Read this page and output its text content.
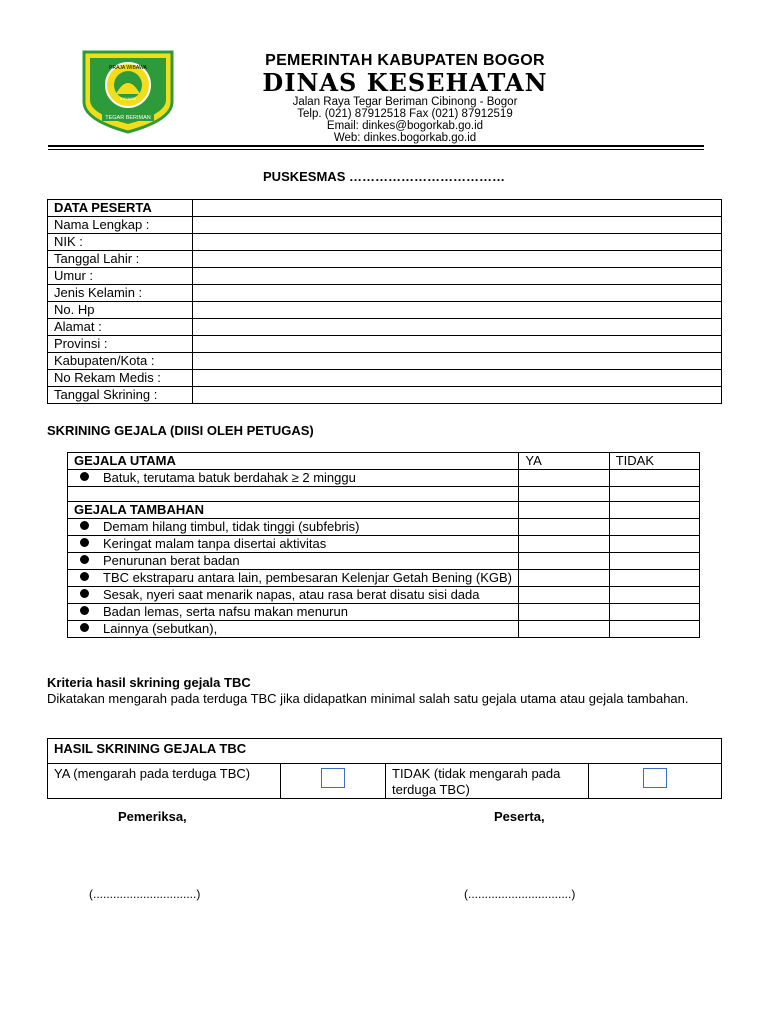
PRAJA WIBAWA
KAYAGA
TEGAR BERIMAN
PEMERINTAH KABUPATEN BOGOR
DINAS KESEHATAN
Jalan Raya Tegar Beriman Cibinong - Bogor
Telp. (021) 87912518 Fax (021) 87912519
Email: dinkes@bogorkab.go.id
Web: dinkes.bogorkab.go.id
PUSKESMAS ………………………………
DATA PESERTA	
Nama Lengkap :	
NIK :	
Tanggal Lahir :	
Umur :	
Jenis Kelamin :	
No. Hp	
Alamat :	
Provinsi :	
Kabupaten/Kota :	
No Rekam Medis :	
Tanggal Skrining :	
SKRINING GEJALA (DIISI OLEH PETUGAS)
GEJALA UTAMA	YA	TIDAK

Batuk, terutama batuk berdahak ≥ 2 minggu		

GEJALA TAMBAHAN		

Demam hilang timbul, tidak tinggi (subfebris)		

Keringat malam tanpa disertai aktivitas		

Penurunan berat badan		

TBC ekstraparu antara lain, pembesaran Kelenjar Getah Bening (KGB)		

Sesak, nyeri saat menarik napas, atau rasa berat disatu sisi dada		

Badan lemas, serta nafsu makan menurun		

Lainnya (sebutkan),		

Kriteria hasil skrining gejala TBC
Dikatakan mengarah pada terduga TBC jika didapatkan minimal salah satu gejala utama atau gejala tambahan.
HASIL SKRINING GEJALA TBC
YA (mengarah pada terduga TBC)		TIDAK (tidak mengarah pada terduga TBC)	
Pemeriksa,	Peserta,
(...............................)	(...............................)
